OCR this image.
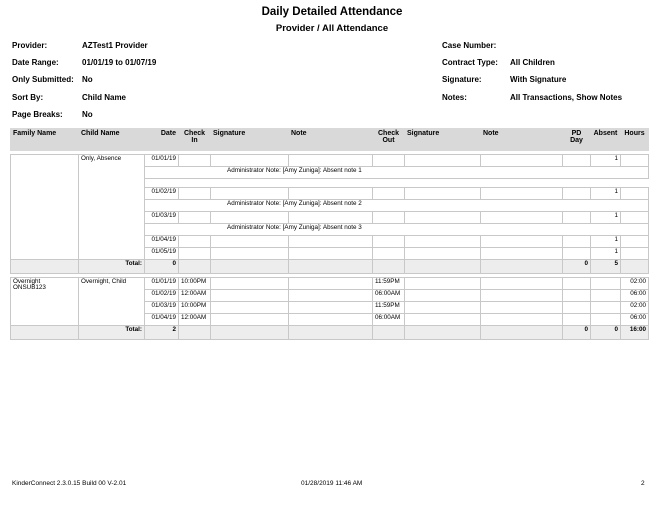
Daily Detailed Attendance
Provider / All Attendance
Provider:	AZTest1 Provider
Date Range:	01/01/19 to 01/07/19
Only Submitted: No
Sort By:	Child Name
Page Breaks: No
Case Number:
Contract Type: All Children
Signature:	With Signature
Notes:	All Transactions, Show Notes
Family Name	Child Name	Date	Check In	Signature	Note	Check Out	Signature	Note	PD Day	Absent	Hours

	Only, Absence	01/01/19								1	
		Administrator Note: [Amy Zuniga]: Absent note 1									

		01/02/19								1	
		Administrator Note: [Amy Zuniga]: Absent note 2									
		01/03/19								1	
		Administrator Note: [Amy Zuniga]: Absent note 3									
		01/04/19								1	
		01/05/19								1	
	Total:	0							0	5	

Overnight
ONSUB123	Overnight, Child	01/01/19	10:00PM			11:59PM					02:00
		01/02/19	12:00AM			06:00AM					06:00
		01/03/19	10:00PM			11:59PM					02:00
		01/04/19	12:00AM			06:00AM					06:00
	Total:	2							0	0	16:00
KinderConnect 2.3.0.15 Build 00 V-2.01	01/28/2019 11:46 AM	2
